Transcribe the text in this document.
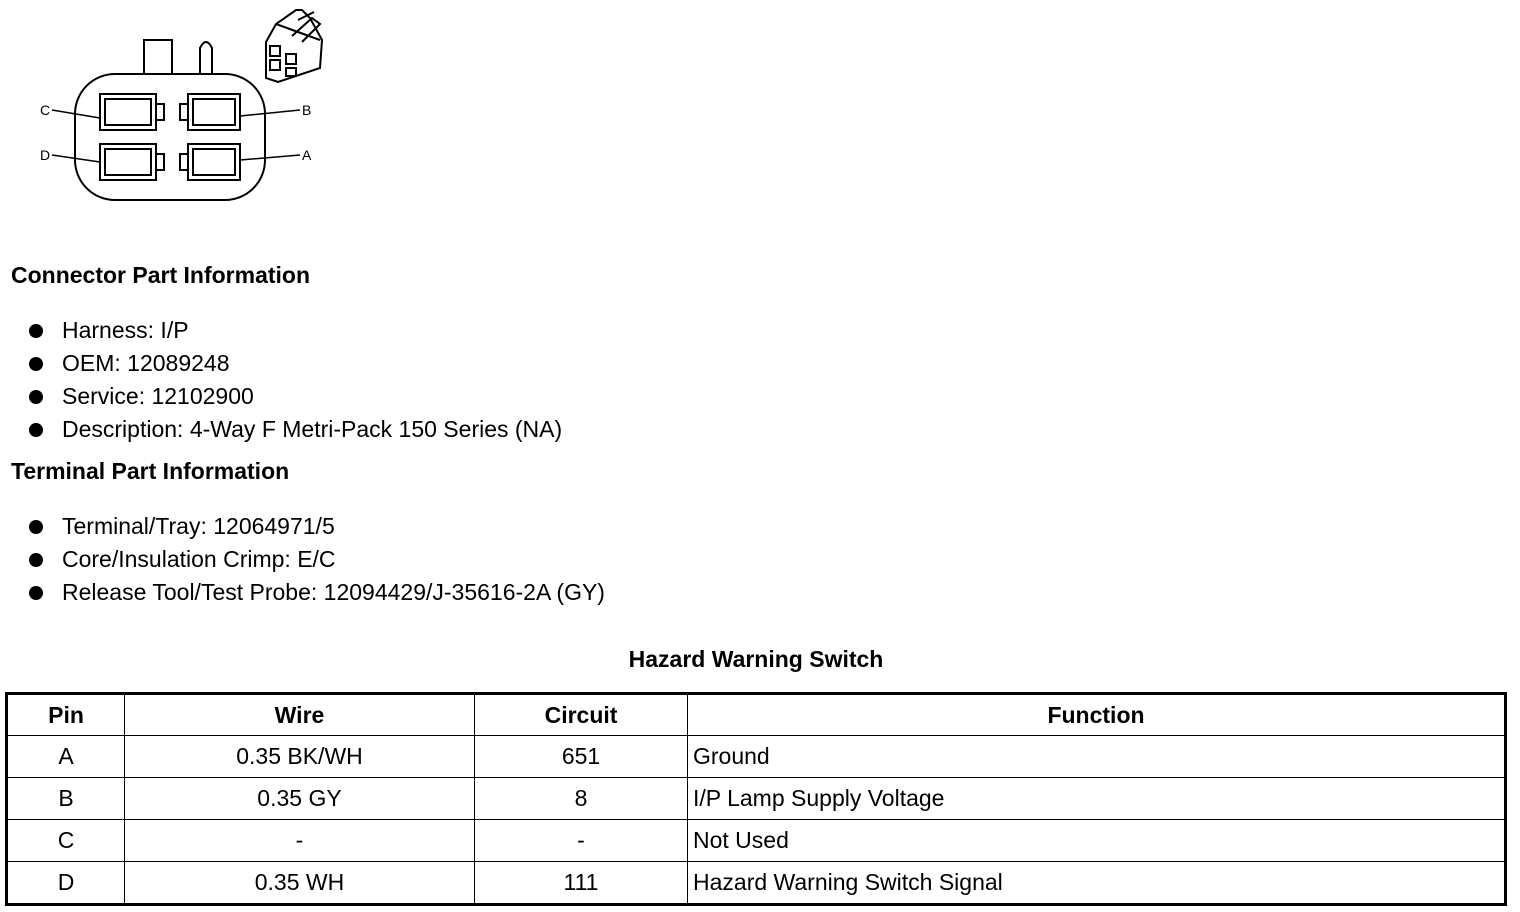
C	B
D	A
Connector Part Information
Harness: I/P
OEM: 12089248
Service: 12102900
Description: 4-Way F Metri-Pack 150 Series (NA)
Terminal Part Information
Terminal/Tray: 12064971/5
Core/Insulation Crimp: E/C
Release Tool/Test Probe: 12094429/J-35616-2A (GY)
Hazard Warning Switch
Pin	Wire	Circuit	Function
A	0.35 BK/WH	651	Ground
B	0.35 GY	8	I/P Lamp Supply Voltage
C	-	-	Not Used
D	0.35 WH	111	Hazard Warning Switch Signal
